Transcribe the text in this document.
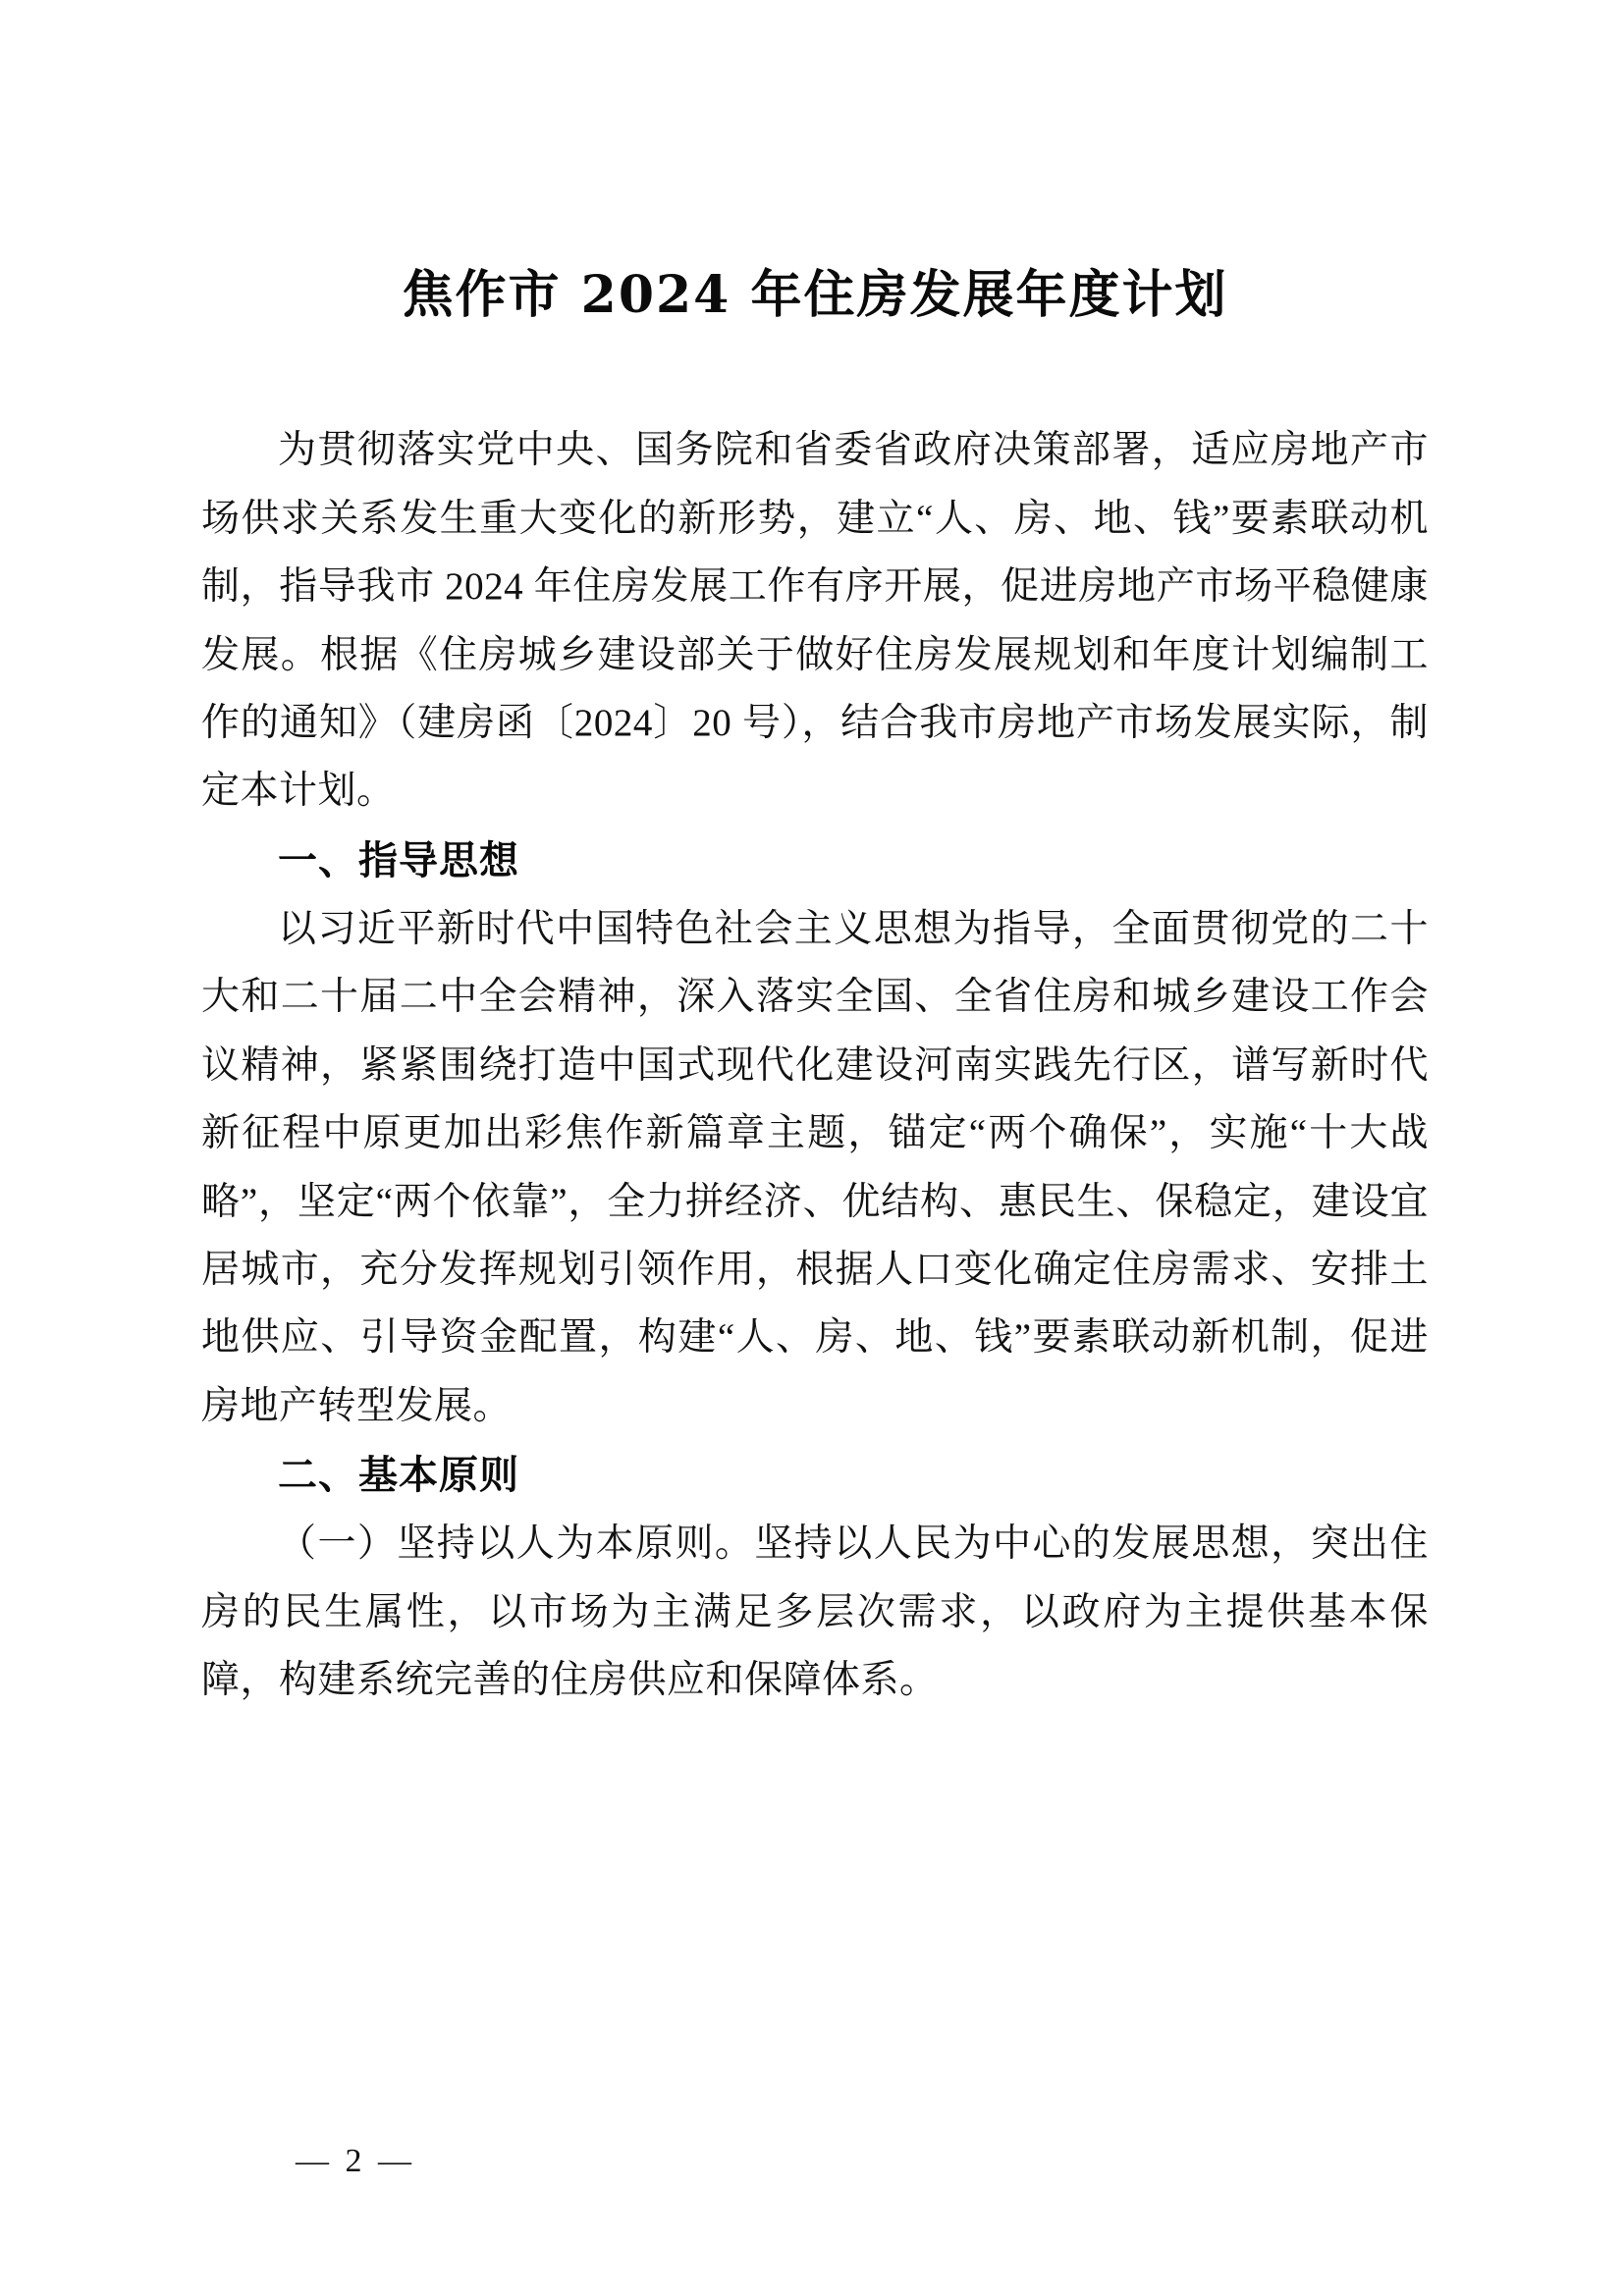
焦作市 2024 年住房发展年度计划

为贯彻落实党中央、国务院和省委省政府决策部署，适应房地产市场供求关系发生重大变化的新形势，建立“人、房、地、钱”要素联动机制，指导我市 2024 年住房发展工作有序开展，促进房地产市场平稳健康发展。根据《住房城乡建设部关于做好住房发展规划和年度计划编制工作的通知》（建房函〔2024〕20 号），结合我市房地产市场发展实际，制定本计划。

一、指导思想

以习近平新时代中国特色社会主义思想为指导，全面贯彻党的二十大和二十届二中全会精神，深入落实全国、全省住房和城乡建设工作会议精神，紧紧围绕打造中国式现代化建设河南实践先行区，谱写新时代新征程中原更加出彩焦作新篇章主题，锚定“两个确保”，实施“十大战略”，坚定“两个依靠”，全力拼经济、优结构、惠民生、保稳定，建设宜居城市，充分发挥规划引领作用，根据人口变化确定住房需求、安排土地供应、引导资金配置，构建“人、房、地、钱”要素联动新机制，促进房地产转型发展。

二、基本原则

（一）坚持以人为本原则。坚持以人民为中心的发展思想，突出住房的民生属性，以市场为主满足多层次需求，以政府为主提供基本保障，构建系统完善的住房供应和保障体系。

— 2 —
